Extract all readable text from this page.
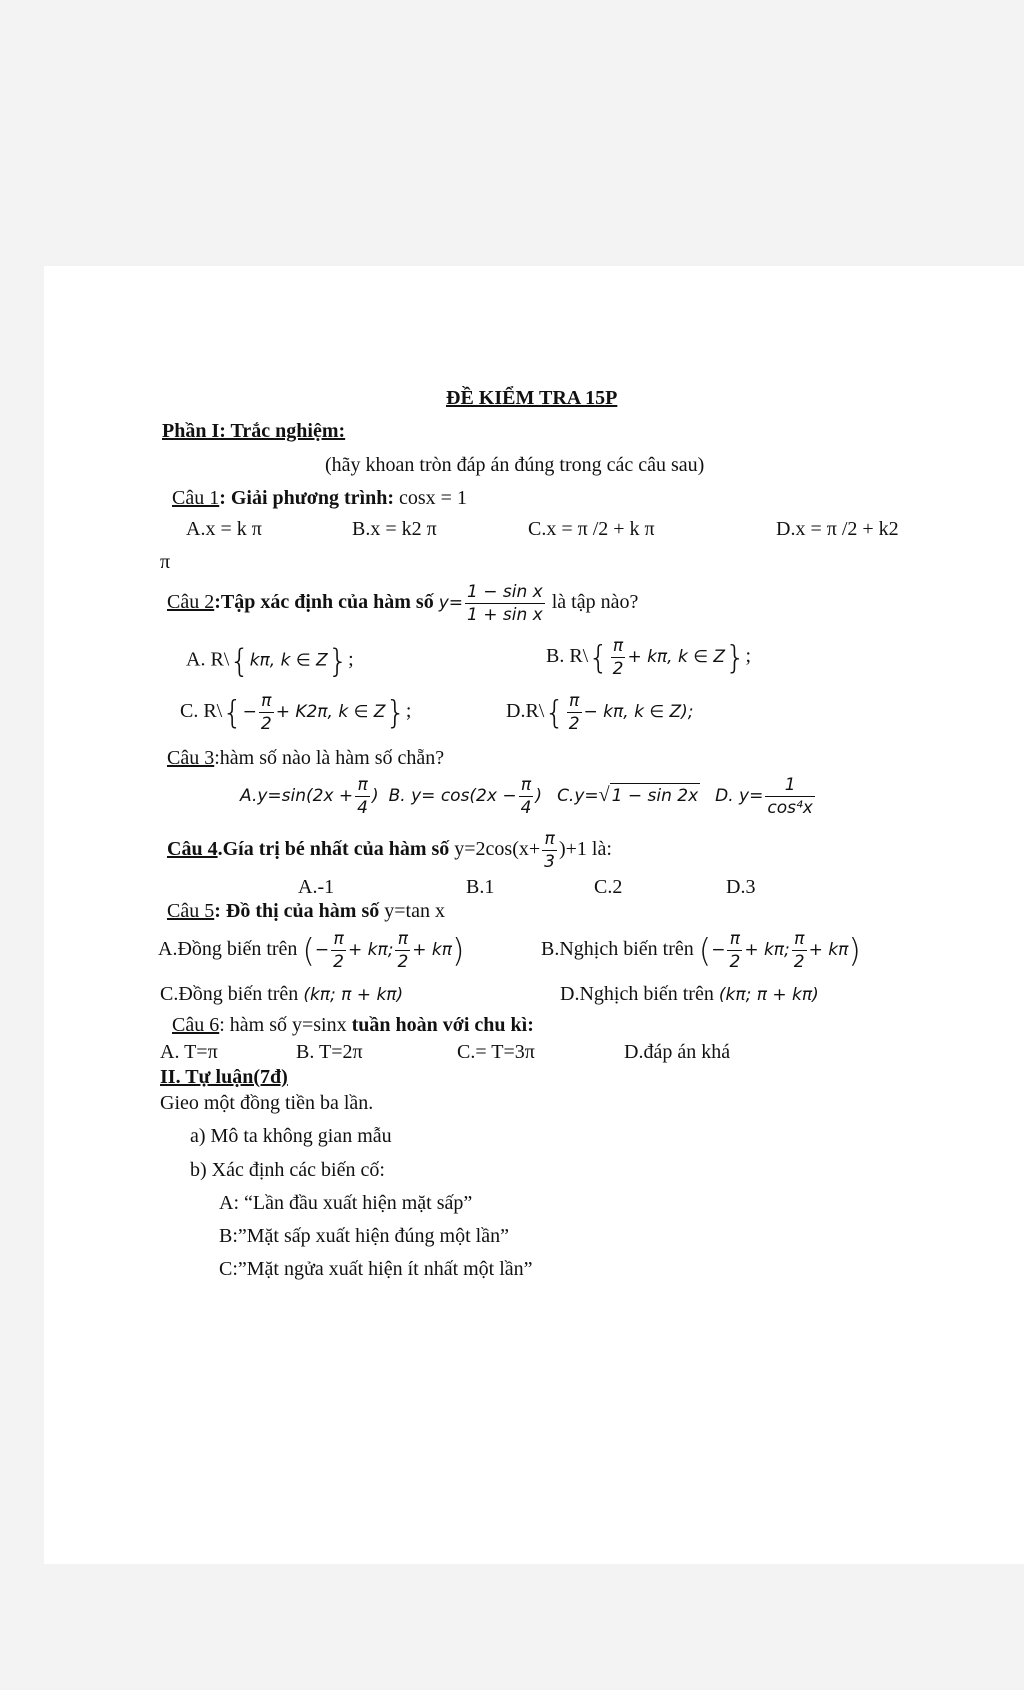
ĐỀ KIỂM TRA 15P
Phần I: Trắc nghiệm:
(hãy khoan tròn đáp án đúng trong các câu sau)
Câu 1: Giải phương trình: cosx = 1
A.x = k π	B.x = k2 π	C.x = π /2 + k π	D.x = π /2 + k2
π
Câu 2:Tập xác định của hàm số $y= \frac{\text{1 − sin x}}{\text{1 + sin x}}$ là tập nào?
A. R\{kπ, k ∈ Z};	B. R\{ $\frac{\pi}{2} + k\pi$, k ∈ Z};
C. R\{− $\frac{\pi}{2} + K2\pi$, k ∈ Z};	D.R\{ $\frac{\pi}{2} - k\pi$, k ∈ Z);
Câu 3:hàm số nào là hàm số chẵn?
$A.y=\sin(2x + \frac{\pi}{4}$ ) B. $y= \cos(2x - \frac{\pi}{4}$ ) C.y=√ 1 − sin 2x D. $y= \frac{1}{\text{cos⁴x}}$
Câu 4.Gía trị bé nhất của hàm số $y=2\cos(x+ \frac{\pi}{3} )+1$ là:
A.-1	B.1	C.2	D.3
Câu 5: Đồ thị của hàm số y=tan x
A.Đồng biến trên (− $\frac{\pi}{2} + k\pi$; $\frac{\pi}{2} + k\pi$)	B.Nghịch biến trên (− $\frac{\pi}{2} + k\pi$; $\frac{\pi}{2} + k\pi$)
C.Đồng biến trên (kπ; π + kπ)	D.Nghịch biến trên (kπ; π + kπ)
Câu 6: hàm số y=sinx tuần hoàn với chu kì:
A. T=π	B. T=2π	C.= T=3π	D.đáp án khá
II. Tự luận(7đ)
Gieo một đồng tiền ba lần.
a) Mô ta không gian mẫu
b) Xác định các biến cố:
A: “Lần đầu xuất hiện mặt sấp”
B:”Mặt sấp xuất hiện đúng một lần”
C:”Mặt ngửa xuất hiện ít nhất một lần”
